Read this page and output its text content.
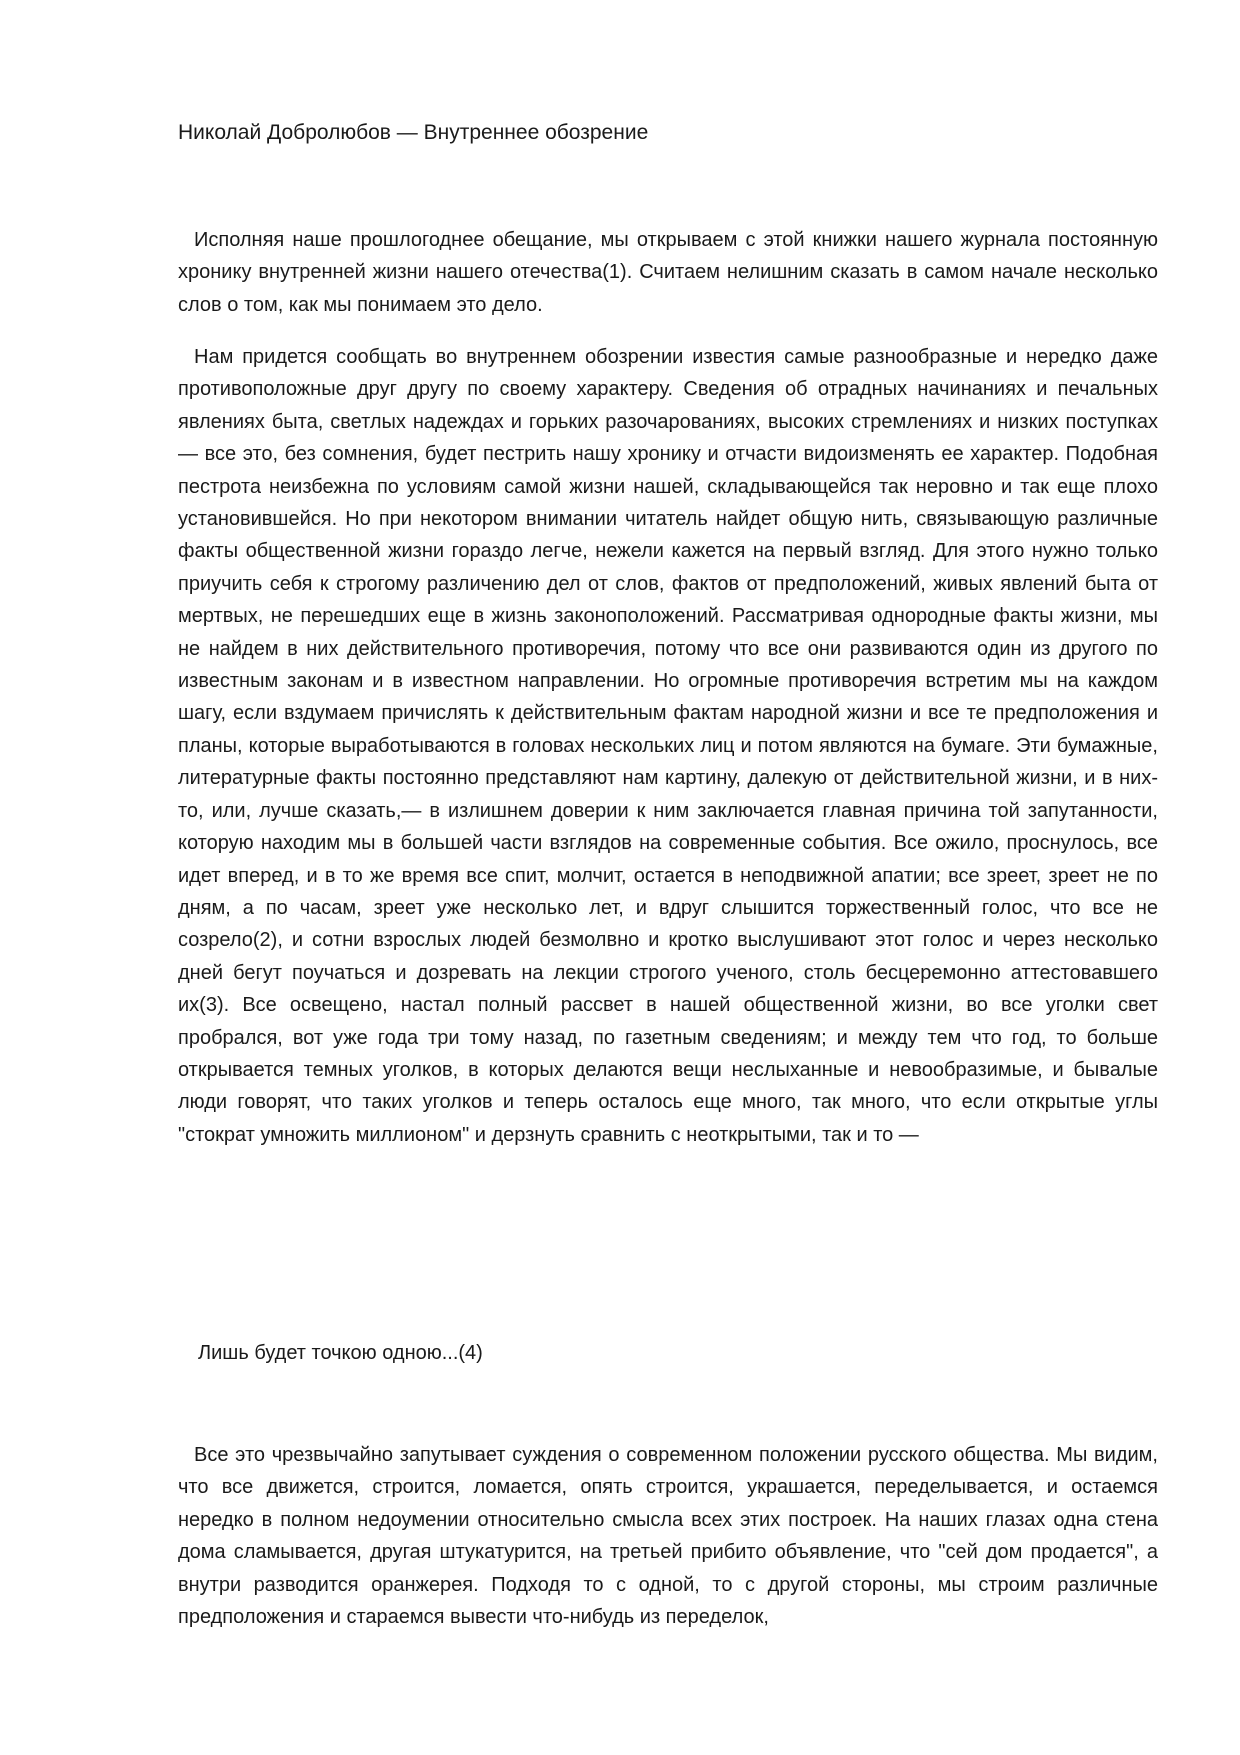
Николай Добролюбов — Внутреннее обозрение

Исполняя наше прошлогоднее обещание, мы открываем с этой книжки нашего журнала постоянную хронику внутренней жизни нашего отечества(1). Считаем нелишним сказать в самом начале несколько слов о том, как мы понимаем это дело.

Нам придется сообщать во внутреннем обозрении известия самые разнообразные и нередко даже противоположные друг другу по своему характеру. Сведения об отрадных начинаниях и печальных явлениях быта, светлых надеждах и горьких разочарованиях, высоких стремлениях и низких поступках — все это, без сомнения, будет пестрить нашу хронику и отчасти видоизменять ее характер. Подобная пестрота неизбежна по условиям самой жизни нашей, складывающейся так неровно и так еще плохо установившейся. Но при некотором внимании читатель найдет общую нить, связывающую различные факты общественной жизни гораздо легче, нежели кажется на первый взгляд. Для этого нужно только приучить себя к строгому различению дел от слов, фактов от предположений, живых явлений быта от мертвых, не перешедших еще в жизнь законоположений. Рассматривая однородные факты жизни, мы не найдем в них действительного противоречия, потому что все они развиваются один из другого по известным законам и в известном направлении. Но огромные противоречия встретим мы на каждом шагу, если вздумаем причислять к действительным фактам народной жизни и все те предположения и планы, которые выработываются в головах нескольких лиц и потом являются на бумаге. Эти бумажные, литературные факты постоянно представляют нам картину, далекую от действительной жизни, и в них-то, или, лучше сказать,— в излишнем доверии к ним заключается главная причина той запутанности, которую находим мы в большей части взглядов на современные события. Все ожило, проснулось, все идет вперед, и в то же время все спит, молчит, остается в неподвижной апатии; все зреет, зреет не по дням, а по часам, зреет уже несколько лет, и вдруг слышится торжественный голос, что все не созрело(2), и сотни взрослых людей безмолвно и кротко выслушивают этот голос и через несколько дней бегут поучаться и дозревать на лекции строгого ученого, столь бесцеремонно аттестовавшего их(3). Все освещено, настал полный рассвет в нашей общественной жизни, во все уголки свет пробрался, вот уже года три тому назад, по газетным сведениям; и между тем что год, то больше открывается темных уголков, в которых делаются вещи неслыханные и невообразимые, и бывалые люди говорят, что таких уголков и теперь осталось еще много, так много, что если открытые углы "стократ умножить миллионом" и дерзнуть сравнить с неоткрытыми, так и то —

Лишь будет точкою одною...(4)

Все это чрезвычайно запутывает суждения о современном положении русского общества. Мы видим, что все движется, строится, ломается, опять строится, украшается, переделывается, и остаемся нередко в полном недоумении относительно смысла всех этих построек. На наших глазах одна стена дома сламывается, другая штукатурится, на третьей прибито объявление, что "сей дом продается", а внутри разводится оранжерея. Подходя то с одной, то с другой стороны, мы строим различные предположения и стараемся вывести что-нибудь из переделок,
